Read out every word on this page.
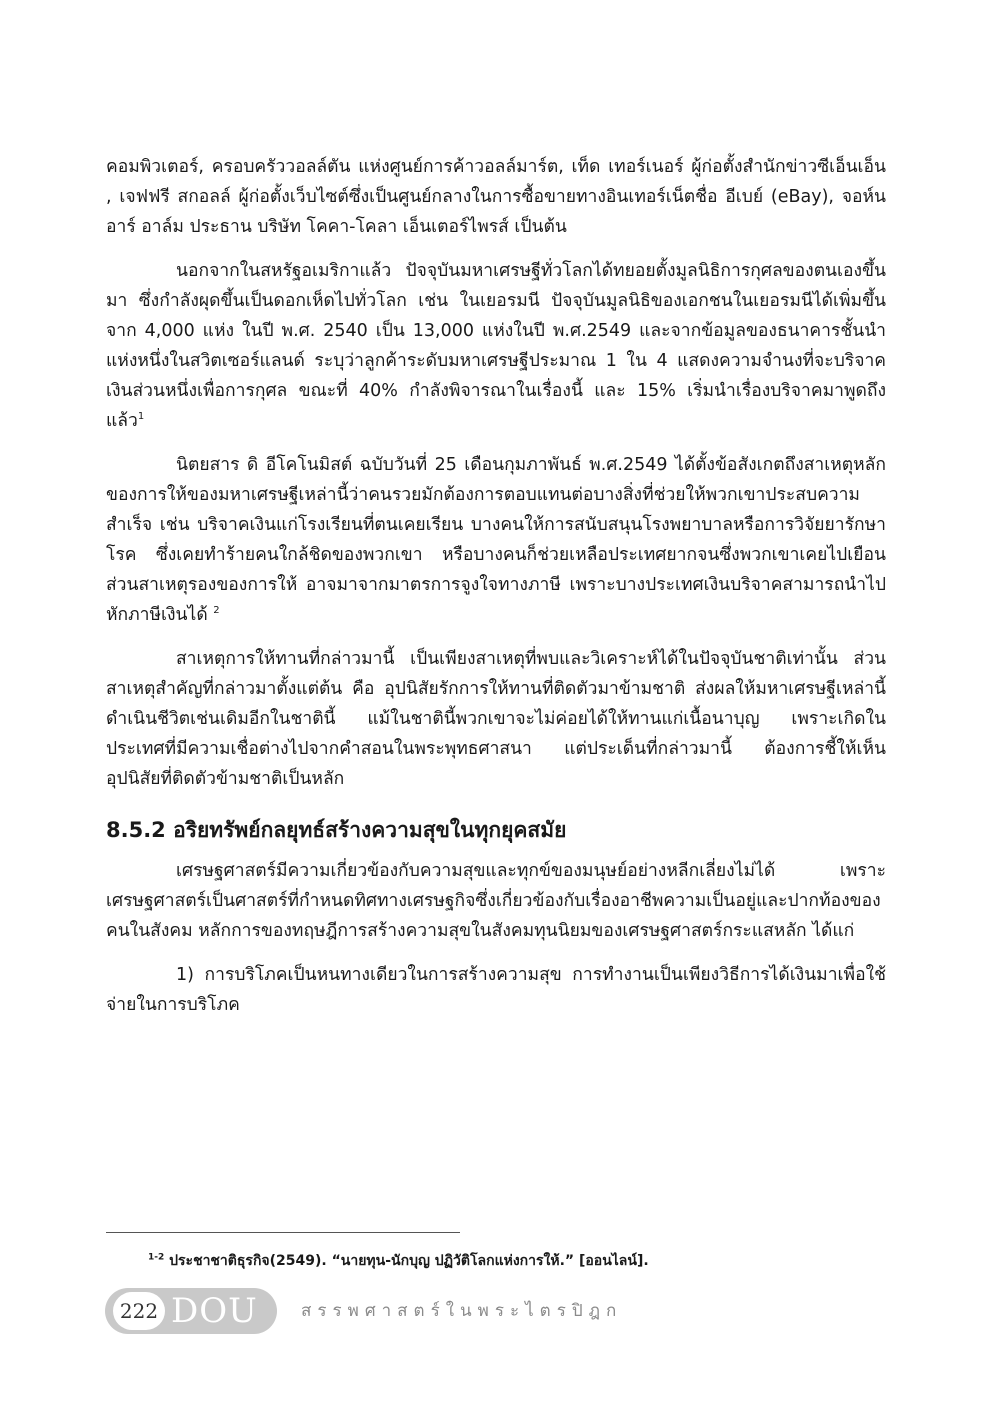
คอมพิวเตอร์, ครอบครัววอลล์ตัน แห่งศูนย์การค้าวอลล์มาร์ต, เท็ด เทอร์เนอร์ ผู้ก่อตั้งสำนักข่าวซีเอ็นเอ็น , เจฟฟรี สกอลล์ ผู้ก่อตั้งเว็บไซต์ซึ่งเป็นศูนย์กลางในการซื้อขายทางอินเทอร์เน็ตชื่อ อีเบย์ (eBay), จอห์น อาร์ อาล์ม ประธาน บริษัท โคคา-โคลา เอ็นเตอร์ไพรส์ เป็นต้น

นอกจากในสหรัฐอเมริกาแล้ว ปัจจุบันมหาเศรษฐีทั่วโลกได้ทยอยตั้งมูลนิธิการกุศลของตนเองขึ้นมา ซึ่งกำลังผุดขึ้นเป็นดอกเห็ดไปทั่วโลก เช่น ในเยอรมนี ปัจจุบันมูลนิธิของเอกชนในเยอรมนีได้เพิ่มขึ้นจาก 4,000 แห่ง ในปี พ.ศ. 2540 เป็น 13,000 แห่งในปี พ.ศ.2549 และจากข้อมูลของธนาคารชั้นนำแห่งหนึ่งในสวิตเซอร์แลนด์ ระบุว่าลูกค้าระดับมหาเศรษฐีประมาณ 1 ใน 4 แสดงความจำนงที่จะบริจาคเงินส่วนหนึ่งเพื่อการกุศล ขณะที่ 40% กำลังพิจารณาในเรื่องนี้ และ 15% เริ่มนำเรื่องบริจาคมาพูดถึงแล้ว$^1$

นิตยสาร ดิ อีโคโนมิสต์ ฉบับวันที่ 25 เดือนกุมภาพันธ์ พ.ศ.2549 ได้ตั้งข้อสังเกตถึงสาเหตุหลักของการให้ของมหาเศรษฐีเหล่านี้ว่าคนรวยมักต้องการตอบแทนต่อบางสิ่งที่ช่วยให้พวกเขาประสบความสำเร็จ เช่น บริจาคเงินแก่โรงเรียนที่ตนเคยเรียน บางคนให้การสนับสนุนโรงพยาบาลหรือการวิจัยยารักษาโรค ซึ่งเคยทำร้ายคนใกล้ชิดของพวกเขา หรือบางคนก็ช่วยเหลือประเทศยากจนซึ่งพวกเขาเคยไปเยือน ส่วนสาเหตุรองของการให้ อาจมาจากมาตรการจูงใจทางภาษี เพราะบางประเทศเงินบริจาคสามารถนำไปหักภาษีเงินได้ $^2$

สาเหตุการให้ทานที่กล่าวมานี้ เป็นเพียงสาเหตุที่พบและวิเคราะห์ได้ในปัจจุบันชาติเท่านั้น ส่วนสาเหตุสำคัญที่กล่าวมาตั้งแต่ต้น คือ อุปนิสัยรักการให้ทานที่ติดตัวมาข้ามชาติ ส่งผลให้มหาเศรษฐีเหล่านี้ดำเนินชีวิตเช่นเดิมอีกในชาตินี้ แม้ในชาตินี้พวกเขาจะไม่ค่อยได้ให้ทานแก่เนื้อนาบุญ เพราะเกิดในประเทศที่มีความเชื่อต่างไปจากคำสอนในพระพุทธศาสนา แต่ประเด็นที่กล่าวมานี้ ต้องการชี้ให้เห็นอุปนิสัยที่ติดตัวข้ามชาติเป็นหลัก

8.5.2 อริยทรัพย์กลยุทธ์สร้างความสุขในทุกยุคสมัย

เศรษฐศาสตร์มีความเกี่ยวข้องกับความสุขและทุกข์ของมนุษย์อย่างหลีกเลี่ยงไม่ได้ เพราะเศรษฐศาสตร์เป็นศาสตร์ที่กำหนดทิศทางเศรษฐกิจซึ่งเกี่ยวข้องกับเรื่องอาชีพความเป็นอยู่และปากท้องของคนในสังคม หลักการของทฤษฎีการสร้างความสุขในสังคมทุนนิยมของเศรษฐศาสตร์กระแสหลัก ได้แก่

1) การบริโภคเป็นหนทางเดียวในการสร้างความสุข การทำงานเป็นเพียงวิธีการได้เงินมาเพื่อใช้จ่ายในการบริโภค

$^{1-2}$ ประชาชาติธุรกิจ(2549). “นายทุน-นักบุญ ปฏิวัติโลกแห่งการให้.” [ออนไลน์].
222 DOU	สรรพศาสตร์ในพระไตรปิฎก
